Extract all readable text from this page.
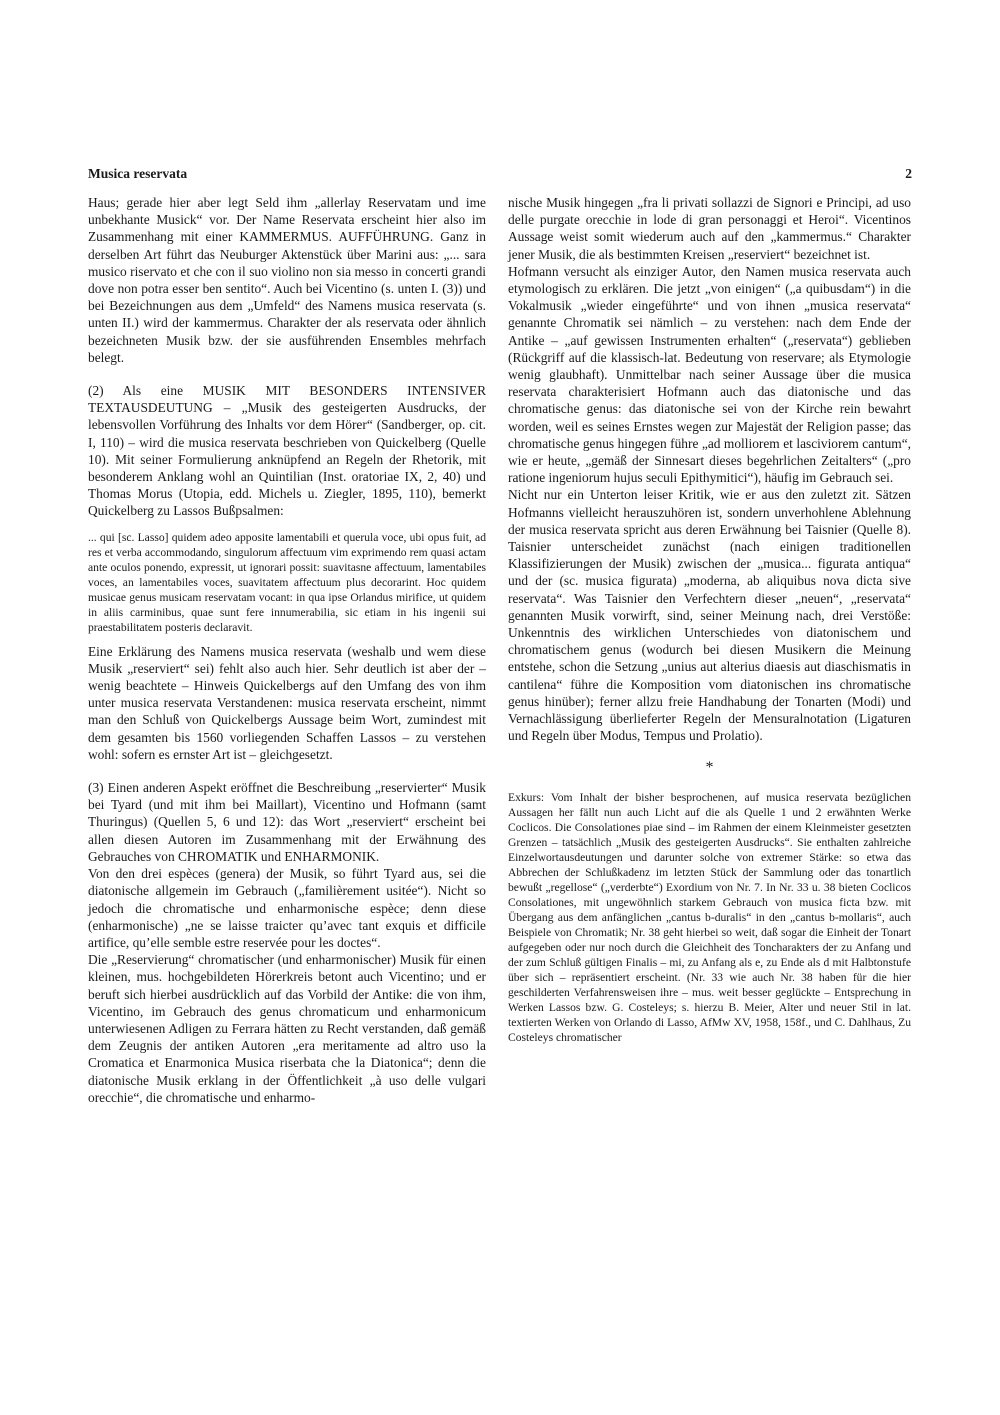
Musica reservata	2

Haus; gerade hier aber legt Seld ihm „allerlay Reservatam und ime unbekhante Musick“ vor. Der Name Reservata erscheint hier also im Zusammenhang mit einer KAMMERMUS. AUFFÜHRUNG. Ganz in derselben Art führt das Neuburger Aktenstück über Marini aus: „... sara musico riservato et che con il suo violino non sia messo in concerti grandi dove non potra esser ben sentito“. Auch bei Vicentino (s. unten I. (3)) und bei Bezeichnungen aus dem „Umfeld“ des Namens musica reservata (s. unten II.) wird der kammermus. Charakter der als reservata oder ähnlich bezeichneten Musik bzw. der sie ausführenden Ensembles mehrfach belegt.

(2) Als eine MUSIK MIT BESONDERS INTENSIVER TEXTAUSDEUTUNG – „Musik des gesteigerten Ausdrucks, der lebensvollen Vorführung des Inhalts vor dem Hörer“ (Sandberger, op. cit. I, 110) – wird die musica reservata beschrieben von Quickelberg (Quelle 10). Mit seiner Formulierung anknüpfend an Regeln der Rhetorik, mit besonderem Anklang wohl an Quintilian (Inst. oratoriae IX, 2, 40) und Thomas Morus (Utopia, edd. Michels u. Ziegler, 1895, 110), bemerkt Quickelberg zu Lassos Bußpsalmen:

... qui [sc. Lasso] quidem adeo apposite lamentabili et querula voce, ubi opus fuit, ad res et verba accommodando, singulorum affectuum vim exprimendo rem quasi actam ante oculos ponendo, expressit, ut ignorari possit: suavitasne affectuum, lamentabiles voces, an lamentabiles voces, suavitatem affectuum plus decorarint. Hoc quidem musicae genus musicam reservatam vocant: in qua ipse Orlandus mirifice, ut quidem in aliis carminibus, quae sunt fere innumerabilia, sic etiam in his ingenii sui praestabilitatem posteris declaravit.

Eine Erklärung des Namens musica reservata (weshalb und wem diese Musik „reserviert“ sei) fehlt also auch hier. Sehr deutlich ist aber der – wenig beachtete – Hinweis Quickelbergs auf den Umfang des von ihm unter musica reservata Verstandenen: musica reservata erscheint, nimmt man den Schluß von Quickelbergs Aussage beim Wort, zumindest mit dem gesamten bis 1560 vorliegenden Schaffen Lassos – zu verstehen wohl: sofern es ernster Art ist – gleichgesetzt.

(3) Einen anderen Aspekt eröffnet die Beschreibung „reservierter“ Musik bei Tyard (und mit ihm bei Maillart), Vicentino und Hofmann (samt Thuringus) (Quellen 5, 6 und 12): das Wort „reserviert“ erscheint bei allen diesen Autoren im Zusammenhang mit der Erwähnung des Gebrauches von CHROMATIK und ENHARMONIK.

Von den drei espèces (genera) der Musik, so führt Tyard aus, sei die diatonische allgemein im Gebrauch („familièrement usitée“). Nicht so jedoch die chromatische und enharmonische espèce; denn diese (enharmonische) „ne se laisse traicter qu’avec tant exquis et difficile artifice, qu’elle semble estre reservée pour les doctes“.

Die „Reservierung“ chromatischer (und enharmonischer) Musik für einen kleinen, mus. hochgebildeten Hörerkreis betont auch Vicentino; und er beruft sich hierbei ausdrücklich auf das Vorbild der Antike: die von ihm, Vicentino, im Gebrauch des genus chromaticum und enharmonicum unterwiesenen Adligen zu Ferrara hätten zu Recht verstanden, daß gemäß dem Zeugnis der antiken Autoren „era meritamente ad altro uso la Cromatica et Enarmonica Musica riserbata che la Diatonica“; denn die diatonische Musik erklang in der Öffentlichkeit „à uso delle vulgari orecchie“, die chromatische und enharmo-

nische Musik hingegen „fra li privati sollazzi de Signori e Principi, ad uso delle purgate orecchie in lode di gran personaggi et Heroi“. Vicentinos Aussage weist somit wiederum auch auf den „kammermus.“ Charakter jener Musik, die als bestimmten Kreisen „reserviert“ bezeichnet ist.

Hofmann versucht als einziger Autor, den Namen musica reservata auch etymologisch zu erklären. Die jetzt „von einigen“ („a quibusdam“) in die Vokalmusik „wieder eingeführte“ und von ihnen „musica reservata“ genannte Chromatik sei nämlich – zu verstehen: nach dem Ende der Antike – „auf gewissen Instrumenten erhalten“ („reservata“) geblieben (Rückgriff auf die klassisch-lat. Bedeutung von reservare; als Etymologie wenig glaubhaft). Unmittelbar nach seiner Aussage über die musica reservata charakterisiert Hofmann auch das diatonische und das chromatische genus: das diatonische sei von der Kirche rein bewahrt worden, weil es seines Ernstes wegen zur Majestät der Religion passe; das chromatische genus hingegen führe „ad molliorem et lasciviorem cantum“, wie er heute, „gemäß der Sinnesart dieses begehrlichen Zeitalters“ („pro ratione ingeniorum hujus seculi Epithymitici“), häufig im Gebrauch sei.

Nicht nur ein Unterton leiser Kritik, wie er aus den zuletzt zit. Sätzen Hofmanns vielleicht herauszuhören ist, sondern unverhohlene Ablehnung der musica reservata spricht aus deren Erwähnung bei Taisnier (Quelle 8). Taisnier unterscheidet zunächst (nach einigen traditionellen Klassifizierungen der Musik) zwischen der „musica... figurata antiqua“ und der (sc. musica figurata) „moderna, ab aliquibus nova dicta sive reservata“. Was Taisnier den Verfechtern dieser „neuen“, „reservata“ genannten Musik vorwirft, sind, seiner Meinung nach, drei Verstöße: Unkenntnis des wirklichen Unterschiedes von diatonischem und chromatischem genus (wodurch bei diesen Musikern die Meinung entstehe, schon die Setzung „unius aut alterius diaesis aut diaschismatis in cantilena“ führe die Komposition vom diatonischen ins chromatische genus hinüber); ferner allzu freie Handhabung der Tonarten (Modi) und Vernachlässigung überlieferter Regeln der Mensuralnotation (Ligaturen und Regeln über Modus, Tempus und Prolatio).

*

Exkurs: Vom Inhalt der bisher besprochenen, auf musica reservata bezüglichen Aussagen her fällt nun auch Licht auf die als Quelle 1 und 2 erwähnten Werke Coclicos. Die Consolationes piae sind – im Rahmen der einem Kleinmeister gesetzten Grenzen – tatsächlich „Musik des gesteigerten Ausdrucks“. Sie enthalten zahlreiche Einzelwortausdeutungen und darunter solche von extremer Stärke: so etwa das Abbrechen der Schlußkadenz im letzten Stück der Sammlung oder das tonartlich bewußt „regellose“ („verderbte“) Exordium von Nr. 7. In Nr. 33 u. 38 bieten Coclicos Consolationes, mit ungewöhnlich starkem Gebrauch von musica ficta bzw. mit Übergang aus dem anfänglichen „cantus b-duralis“ in den „cantus b-mollaris“, auch Beispiele von Chromatik; Nr. 38 geht hierbei so weit, daß sogar die Einheit der Tonart aufgegeben oder nur noch durch die Gleichheit des Toncharakters der zu Anfang und der zum Schluß gültigen Finalis – mi, zu Anfang als e, zu Ende als d mit Halbtonstufe über sich – repräsentiert erscheint. (Nr. 33 wie auch Nr. 38 haben für die hier geschilderten Verfahrensweisen ihre – mus. weit besser geglückte – Entsprechung in Werken Lassos bzw. G. Costeleys; s. hierzu B. Meier, Alter und neuer Stil in lat. textierten Werken von Orlando di Lasso, AfMw XV, 1958, 158f., und C. Dahlhaus, Zu Costeleys chromatischer
